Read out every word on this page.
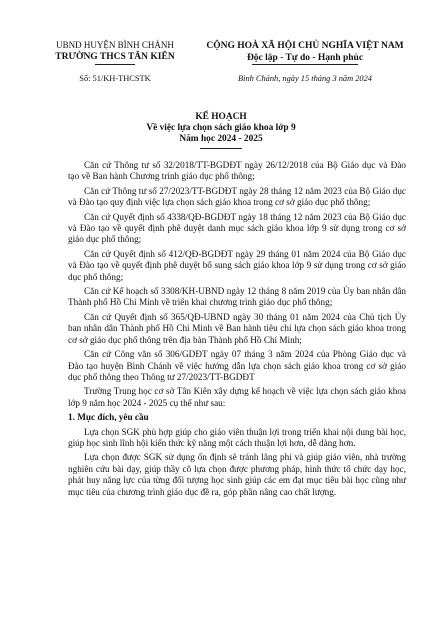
UBND HUYỆN BÌNH CHÁNH
TRƯỜNG THCS TÂN KIÊN
Số: 51/KH-THCSTK
CỘNG HOÀ XÃ HỘI CHỦ NGHĨA VIỆT NAM
Độc lập - Tự do - Hạnh phúc
Bình Chánh, ngày 15 tháng 3 năm 2024
KẾ HOẠCH
Về việc lựa chọn sách giáo khoa lớp 9
Năm học 2024 - 2025

Căn cứ Thông tư số 32/2018/TT-BGDĐT ngày 26/12/2018 của Bộ Giáo dục và Đào tạo về Ban hành Chương trình giáo dục phổ thông;

Căn cứ Thông tư số 27/2023/TT-BGDĐT ngày 28 tháng 12 năm 2023 của Bộ Giáo dục và Đào tạo quy định việc lựa chọn sách giáo khoa trong cơ sở giáo dục phổ thông;

Căn cứ Quyết định số 4338/QĐ-BGDĐT ngày 18 tháng 12 năm 2023 của Bộ Giáo dục và Đào tạo về quyết định phê duyệt danh mục sách giáo khoa lớp 9 sử dụng trong cơ sở giáo dục phổ thông;

Căn cứ Quyết định số 412/QĐ-BGDĐT ngày 29 tháng 01 năm 2024 của Bộ Giáo dục và Đào tạo về quyết định phê duyệt bổ sung sách giáo khoa lớp 9 sử dụng trong cơ sở giáo dục phổ thông;

Căn cứ Kế hoạch số 3308/KH-UBND ngày 12 tháng 8 năm 2019 của Ủy ban nhân dân Thành phố Hồ Chí Minh về triển khai chương trình giáo dục phổ thông;

Căn cứ Quyết định số 365/QĐ-UBND ngày 30 tháng 01 năm 2024 của Chủ tịch Ủy ban nhân dân Thành phố Hồ Chí Minh về Ban hành tiêu chí lựa chọn sách giáo khoa trong cơ sở giáo dục phổ thông trên địa bàn Thành phố Hồ Chí Minh;

Căn cứ Công văn số 306/GDĐT ngày 07 tháng 3 năm 2024 của Phòng Giáo dục và Đào tạo huyện Bình Chánh về việc hướng dẫn lựa chọn sách giáo khoa trong cơ sở giáo dục phổ thông theo Thông tư 27/2023/TT-BGDĐT

Trường Trung học cơ sở Tân Kiên xây dựng kế hoạch về việc lựa chọn sách giáo khoa lớp 9 năm học 2024 - 2025 cụ thể như sau:

1. Mục đích, yêu cầu

Lựa chọn SGK phù hợp giúp cho giáo viên thuận lợi trong triển khai nội dung bài học, giúp học sinh lĩnh hội kiến thức kỹ năng một cách thuận lợi hơn, dễ dàng hơn.

Lựa chọn được SGK sử dụng ổn định sẽ tránh lãng phí và giúp giáo viên, nhà trường nghiên cứu bài dạy, giúp thầy cô lựa chọn được phương pháp, hình thức tổ chức dạy học, phát huy năng lực của từng đối tượng học sinh giúp các em đạt mục tiêu bài học cũng như mục tiêu của chương trình giáo dục đề ra, góp phần nâng cao chất lượng.
